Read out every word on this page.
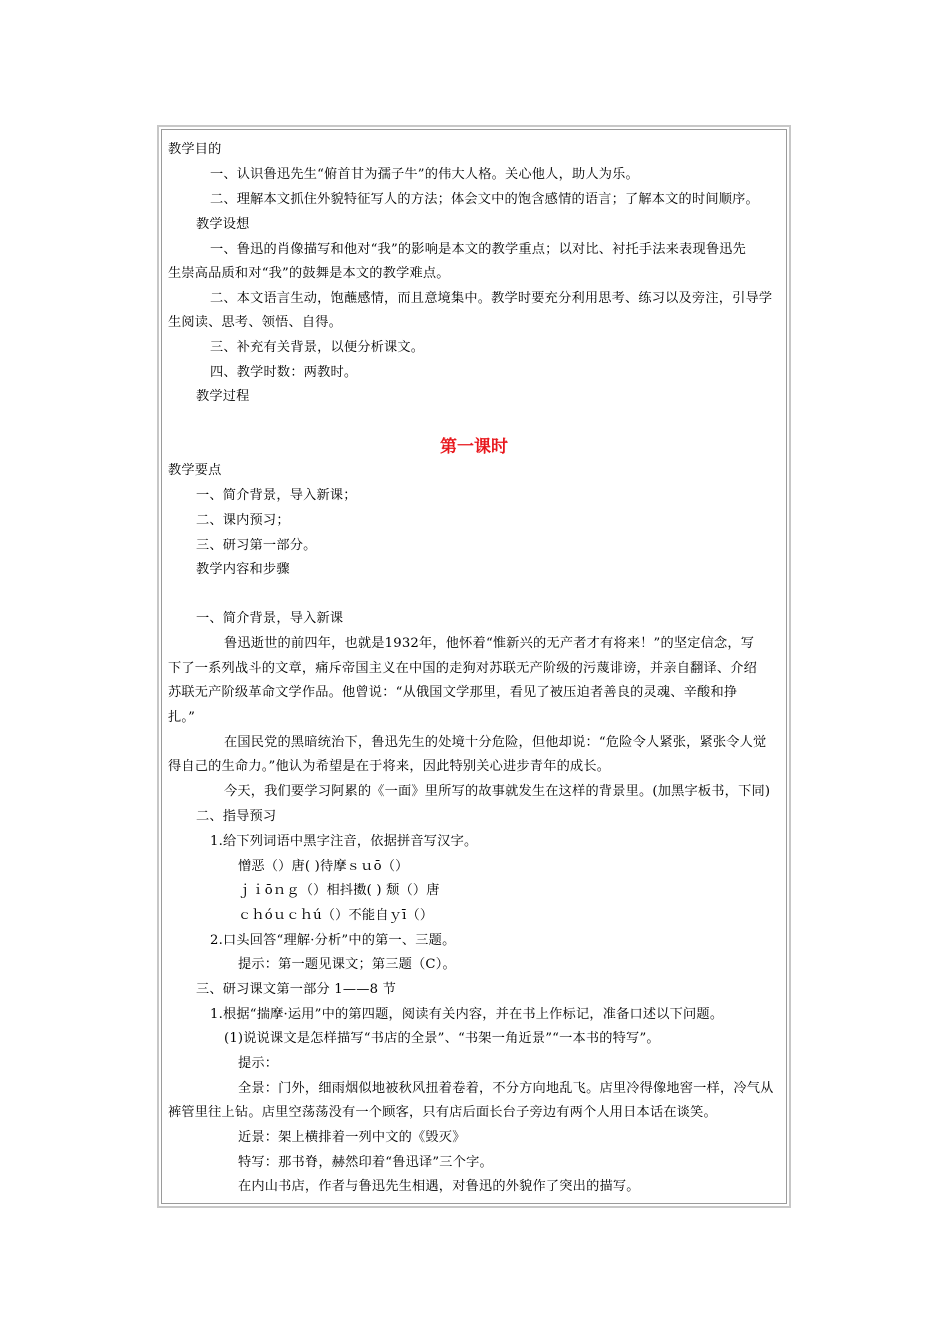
第一课时
教学目的
一、认识鲁迅先生“俯首甘为孺子牛”的伟大人格。关心他人，助人为乐。
二、理解本文抓住外貌特征写人的方法；体会文中的饱含感情的语言；了解本文的时间顺序。
教学设想
一、鲁迅的肖像描写和他对“我”的影响是本文的教学重点；以对比、衬托手法来表现鲁迅先
生崇高品质和对“我”的鼓舞是本文的教学难点。
二、本文语言生动，饱蘸感情，而且意境集中。教学时要充分利用思考、练习以及旁注，引导学
生阅读、思考、领悟、自得。
三、补充有关背景，以便分析课文。
四、教学时数：两教时。
教学过程
教学要点
一、简介背景，导入新课；
二、课内预习；
三、研习第一部分。
教学内容和步骤
一、简介背景，导入新课
鲁迅逝世的前四年，也就是1932年，他怀着“惟新兴的无产者才有将来！”的坚定信念，写
下了一系列战斗的文章，痛斥帝国主义在中国的走狗对苏联无产阶级的污蔑诽谤，并亲自翻译、介绍
苏联无产阶级革命文学作品。他曾说：“从俄国文学那里，看见了被压迫者善良的灵魂、辛酸和挣
扎。”
在国民党的黑暗统治下，鲁迅先生的处境十分危险，但他却说：“危险令人紧张，紧张令人觉
得自己的生命力。”他认为希望是在于将来，因此特别关心进步青年的成长。
今天，我们要学习阿累的《一面》里所写的故事就发生在这样的背景里。(加黑字板书，下同)
二、指导预习
1.给下列词语中黑字注音，依据拼音写汉字。
憎恶（）唐( )待摩ｓｕō（）
ｊｉōｎｇ（）相抖擞( ) 颓（）唐
ｃｈóｕｃｈú（）不能自ｙī（）
2.口头回答“理解·分析”中的第一、三题。
提示：第一题见课文；第三题（C）。
三、研习课文第一部分 1——8 节
1.根据“揣摩·运用”中的第四题，阅读有关内容，并在书上作标记，准备口述以下问题。
(1)说说课文是怎样描写“书店的全景”、“书架一角近景”“一本书的特写”。
提示：
全景：门外，细雨烟似地被秋风扭着卷着，不分方向地乱飞。店里冷得像地窖一样，冷气从
裤管里往上钻。店里空荡荡没有一个顾客，只有店后面长台子旁边有两个人用日本话在谈笑。
近景：架上横排着一列中文的《毁灭》
特写：那书脊，赫然印着“鲁迅译”三个字。
在内山书店，作者与鲁迅先生相遇，对鲁迅的外貌作了突出的描写。
